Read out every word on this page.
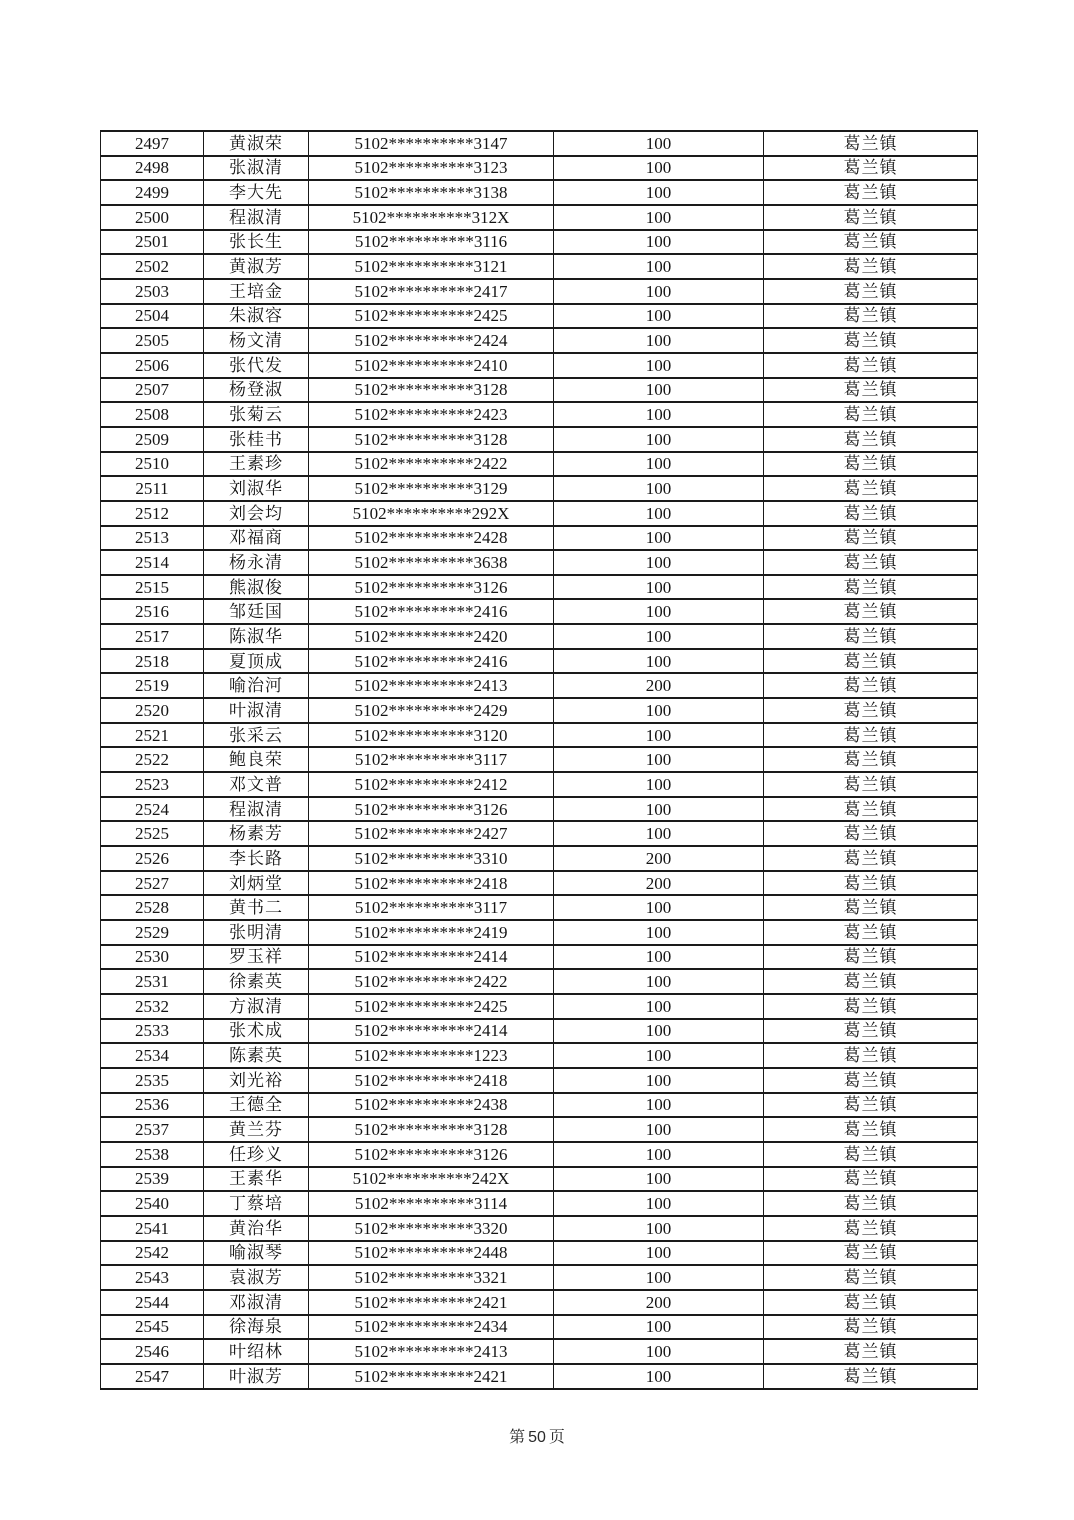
2497	黄淑荣	5102**********3147	100	葛兰镇
2498	张淑清	5102**********3123	100	葛兰镇
2499	李大先	5102**********3138	100	葛兰镇
2500	程淑清	5102**********312X	100	葛兰镇
2501	张长生	5102**********3116	100	葛兰镇
2502	黄淑芳	5102**********3121	100	葛兰镇
2503	王培金	5102**********2417	100	葛兰镇
2504	朱淑容	5102**********2425	100	葛兰镇
2505	杨文清	5102**********2424	100	葛兰镇
2506	张代发	5102**********2410	100	葛兰镇
2507	杨登淑	5102**********3128	100	葛兰镇
2508	张菊云	5102**********2423	100	葛兰镇
2509	张桂书	5102**********3128	100	葛兰镇
2510	王素珍	5102**********2422	100	葛兰镇
2511	刘淑华	5102**********3129	100	葛兰镇
2512	刘会均	5102**********292X	100	葛兰镇
2513	邓福商	5102**********2428	100	葛兰镇
2514	杨永清	5102**********3638	100	葛兰镇
2515	熊淑俊	5102**********3126	100	葛兰镇
2516	邹廷国	5102**********2416	100	葛兰镇
2517	陈淑华	5102**********2420	100	葛兰镇
2518	夏顶成	5102**********2416	100	葛兰镇
2519	喻治河	5102**********2413	200	葛兰镇
2520	叶淑清	5102**********2429	100	葛兰镇
2521	张采云	5102**********3120	100	葛兰镇
2522	鲍良荣	5102**********3117	100	葛兰镇
2523	邓文普	5102**********2412	100	葛兰镇
2524	程淑清	5102**********3126	100	葛兰镇
2525	杨素芳	5102**********2427	100	葛兰镇
2526	李长路	5102**********3310	200	葛兰镇
2527	刘炳堂	5102**********2418	200	葛兰镇
2528	黄书二	5102**********3117	100	葛兰镇
2529	张明清	5102**********2419	100	葛兰镇
2530	罗玉祥	5102**********2414	100	葛兰镇
2531	徐素英	5102**********2422	100	葛兰镇
2532	方淑清	5102**********2425	100	葛兰镇
2533	张术成	5102**********2414	100	葛兰镇
2534	陈素英	5102**********1223	100	葛兰镇
2535	刘光裕	5102**********2418	100	葛兰镇
2536	王德全	5102**********2438	100	葛兰镇
2537	黄兰芬	5102**********3128	100	葛兰镇
2538	任珍义	5102**********3126	100	葛兰镇
2539	王素华	5102**********242X	100	葛兰镇
2540	丁蔡培	5102**********3114	100	葛兰镇
2541	黄治华	5102**********3320	100	葛兰镇
2542	喻淑琴	5102**********2448	100	葛兰镇
2543	袁淑芳	5102**********3321	100	葛兰镇
2544	邓淑清	5102**********2421	200	葛兰镇
2545	徐海泉	5102**********2434	100	葛兰镇
2546	叶绍林	5102**********2413	100	葛兰镇
2547	叶淑芳	5102**********2421	100	葛兰镇
第 50 页
